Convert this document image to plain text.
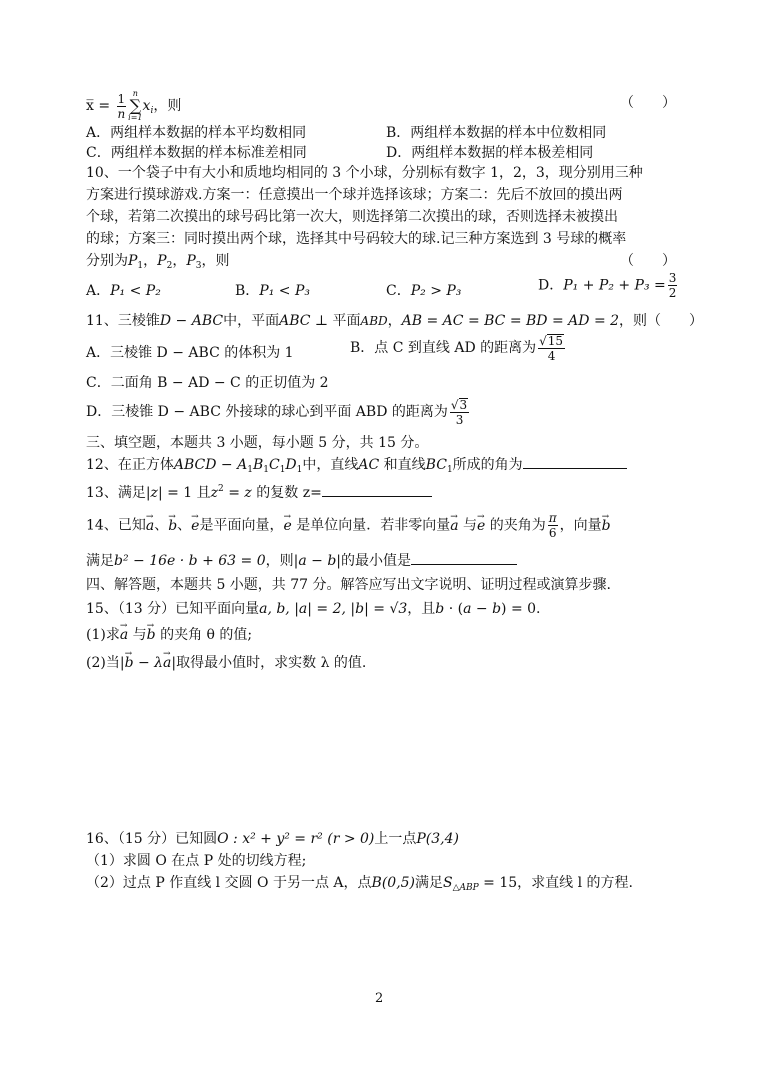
x̅ = $\frac{1}{n}$ n
∑
i=1
$x_i$，则	（　　）
A．两组样本数据的样本平均数相同	B．两组样本数据的样本中位数相同
C．两组样本数据的样本标准差相同	D．两组样本数据的样本极差相同
10、一个袋子中有大小和质地均相同的 3 个小球，分别标有数字 1，2，3，现分别用三种
方案进行摸球游戏.方案一：任意摸出一个球并选择该球；方案二：先后不放回的摸出两
个球，若第二次摸出的球号码比第一次大，则选择第二次摸出的球，否则选择未被摸出
的球；方案三：同时摸出两个球，选择其中号码较大的球.记三种方案选到 3 号球的概率
分别为$P_1$，$P_2$，$P_3$，则	（　　）
A．P₁ < P₂	B．P₁ < P₃	C．P₂ > P₃	D．$P_1 + P_2 + P_3 = \frac{3}{2}$
11、三棱锥D − ABC中，平面ABC ⊥ 平面ABD，AB = AC = BC = BD = AD = 2，则（　　）
A．三棱锥 D − ABC 的体积为 1	B．点 C 到直线 AD 的距离为 $\frac{√15}{4}$
C．二面角 B − AD − C 的正切值为 2
D．三棱锥 D − ABC 外接球的球心到平面 ABD 的距离为 $\frac{√3}{3}$
三、填空题，本题共 3 小题，每小题 5 分，共 15 分。
12、在正方体ABCD − $A_1B_1C_1D_1$中，直线AC 和直线$BC_1$所成的角为
13、满足|z| = 1 且$z^2 = z$ 的复数 z=
14、已知→ a、→ b、→ e是平面向量，→ e 是单位向量．若非零向量→ a 与→ e 的夹角为 $\frac{\pi}{6}$ ，向量→ b
满足b² − 16e · b + 63 = 0，则|a − b|的最小值是
四、解答题，本题共 5 小题，共 77 分。解答应写出文字说明、证明过程或演算步骤.
15、（13 分）已知平面向量a, b, |a| = 2, |b| = √3，且b · (a − b) = 0.
(1)求→ a 与→ b 的夹角 θ 的值;
(2)当|→ b − λ→ a|取得最小值时，求实数 λ 的值.
16、（15 分）已知圆O : x² + y² = r² (r > 0)上一点P(3,4)
（1）求圆 O 在点 P 处的切线方程;
（2）过点 P 作直线 l 交圆 O 于另一点 A，点B(0,5)满足$S_{\triangle ABP} = 15$，求直线 l 的方程.
2
